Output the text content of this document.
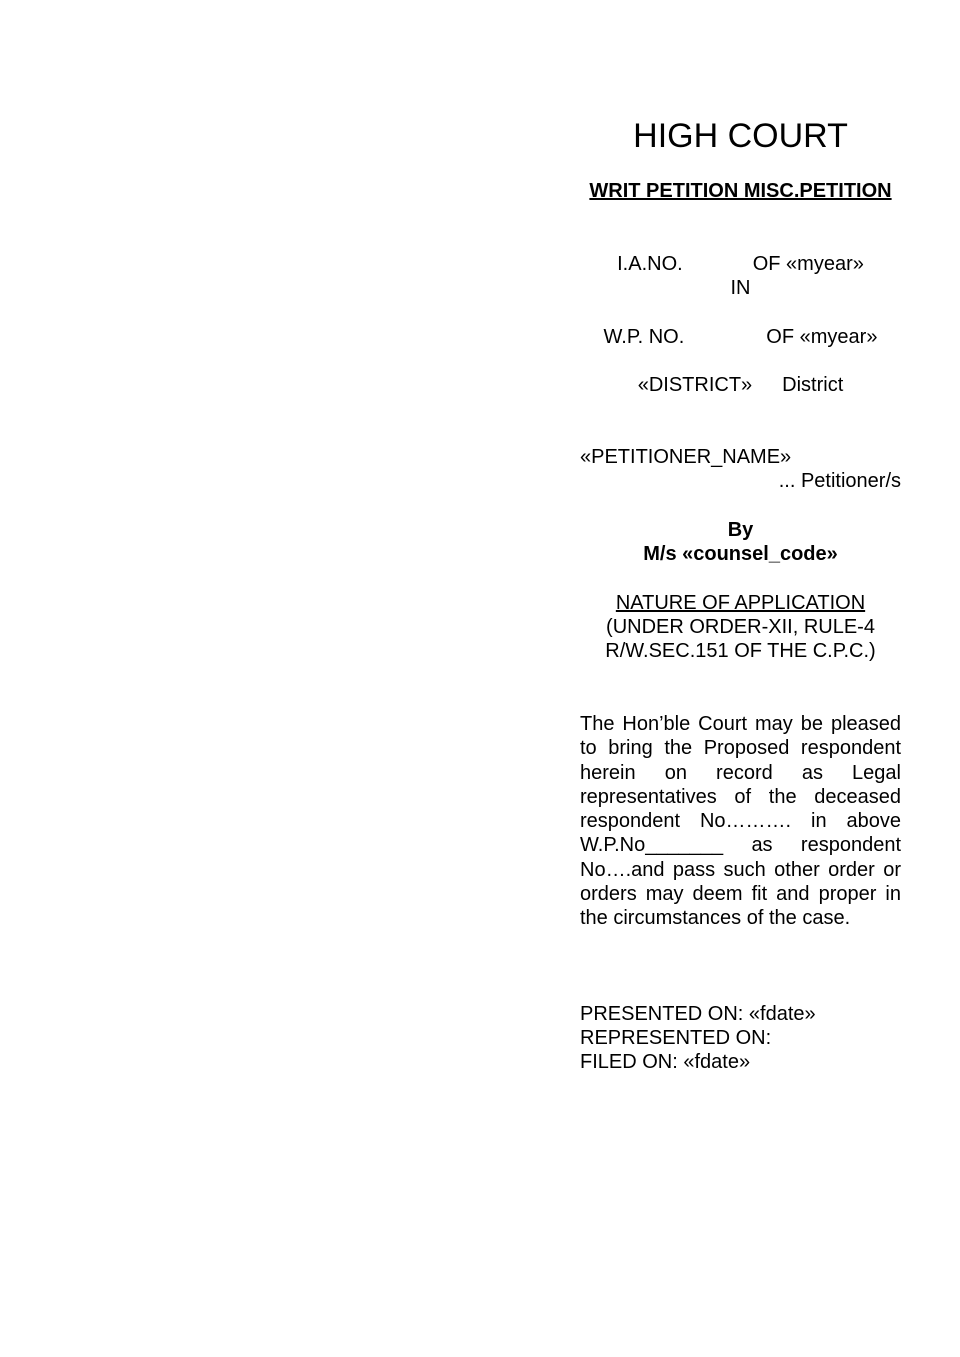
HIGH COURT
WRIT PETITION MISC.PETITION
I.A.NO.	OF «myear»
IN
W.P. NO.	OF «myear»
«DISTRICT» District
«PETITIONER_NAME»
... Petitioner/s
By
M/s «counsel_code»
NATURE OF APPLICATION
(UNDER ORDER-XII, RULE-4
R/W.SEC.151 OF THE C.P.C.)
The Hon’ble Court may be pleased to bring the Proposed respondent herein on record as Legal representatives of the deceased respondent No………. in above W.P.No_______ as respondent No….and pass such other order or orders may deem fit and proper in the circumstances of the case.
PRESENTED ON: «fdate»
REPRESENTED ON:
FILED ON: «fdate»
